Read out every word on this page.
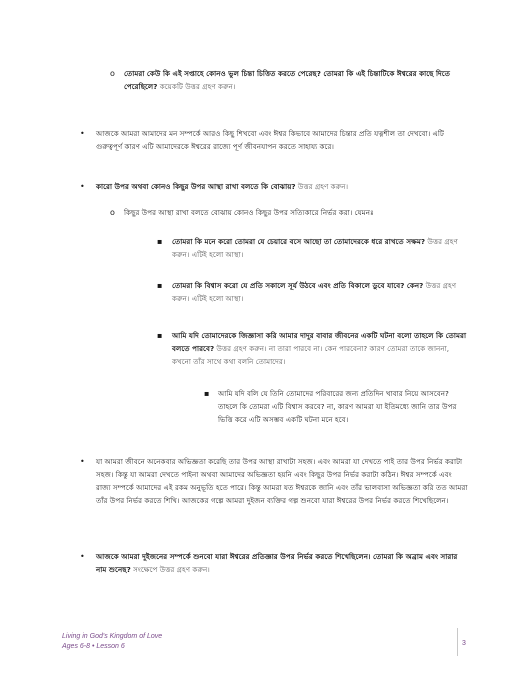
o তোমরা কেউ কি এই সপ্তাহে কোনও ভুল চিন্তা চিত্তিত করতে পেরেছ? তোমরা কি এই চিন্তাটিকে ঈশ্বরের কাছে দিতে পেরেছিলে? কয়েকটি উত্তর গ্রহণ করুন।
• আজকে আমরা আমাদের মন সম্পর্কে আরও কিছু শিখবো এবং ঈশ্বর কিভাবে আমাদের চিন্তার প্রতি যত্নশীল তা দেখবো। এটি গুরুত্বপূর্ণ কারণ এটি আমাদেরকে ঈশ্বরের রাজ্যে পূর্ণ জীবনযাপন করতে সাহায্য করে।
• কারো উপর অথবা কোনও কিছুর উপর আস্থা রাখা বলতে কি বোঝায়? উত্তর গ্রহণ করুন।
o কিছুর উপর আস্থা রাখা বলতে বোঝায় কোনও কিছুর উপর সত্যিকারে নির্ভর করা। যেমনঃ
▪ তোমরা কি মনে করো তোমরা যে চেয়ারে বসে আছো তা তোমাদেরকে ধরে রাখতে সক্ষম? উত্তর গ্রহণ করুন। এটিই হলো আস্থা।
▪ তোমরা কি বিশ্বাস করো যে প্রতি সকালে সূর্য উঠবে এবং প্রতি বিকালে ডুবে যাবে? কেন? উত্তর গ্রহণ করুন। এটিই হলো আস্থা।
▪ আমি যদি তোমাদেরকে জিজ্ঞাসা করি আমার দাদুর বাবার জীবনের একটি ঘটনা বলো তাহলে কি তোমরা বলতে পারবে? উত্তর গ্রহণ করুন। না তারা পারবে না। কেন পারবেনা? কারণ তোমরা তাকে জাননা, কখনো তাঁর সাথে কথা বলনি তোমাদের।
▪ আমি যদি বলি যে তিনি তোমাদের পরিবারের জন্য প্রতিদিন খাবার নিয়ে আসবেন? তাহলে কি তোমরা এটি বিশ্বাস করবে? না, কারণ আমরা যা ইতিমধ্যে জানি তার উপর ভিত্তি করে এটি অসম্ভব একটি ঘটনা মনে হবে।
• যা আমরা জীবনে অনেকবার অভিজ্ঞতা করেছি তার উপর আস্থা রাখাটা সহজ। এবং আমরা যা দেখতে পাই তার উপর নির্ভর করাটা সহজ। কিন্তু যা আমরা দেখতে পাইনা অথবা আমাদের অভিজ্ঞতা হয়নি এবং কিছুর উপর নির্ভর করাটা কঠিন। ঈশ্বর সম্পর্কে এবং রাজ্য সম্পর্কে আমাদের এই রকম অনুভূতি হতে পারে। কিন্তু আমরা যত ঈশ্বরকে জানি এবং তাঁর ভালবাসা অভিজ্ঞতা করি তত আমরা তাঁর উপর নির্ভর করতে শিখি। আজকের গল্পে আমরা দুইজন ব্যক্তির গল্প শুনবো যারা ঈশ্বরের উপর নির্ভর করতে শিখেছিলেন।
• আজকে আমরা দুইজনের সম্পর্কে শুনবো যারা ঈশ্বরের প্রতিজ্ঞার উপর নির্ভর করতে শিখেছিলেন। তোমরা কি অব্রাম এবং সারার নাম শুনেছ? সংক্ষেপে উত্তর গ্রহণ করুন।
Living in God's Kingdom of Love
Ages 6-8 • Lesson 6	3
